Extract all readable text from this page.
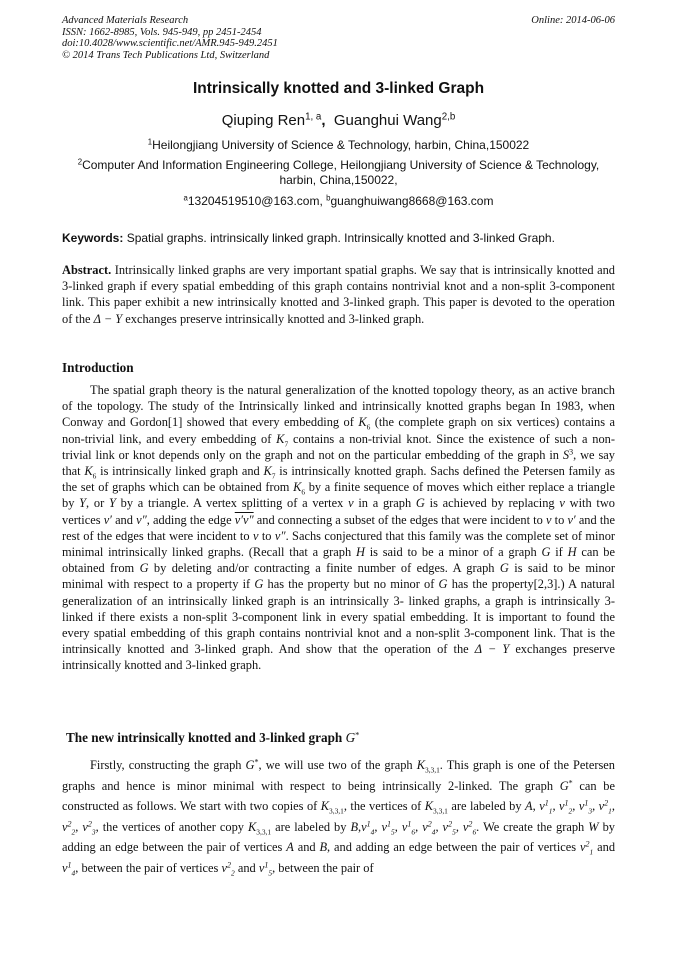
Advanced Materials Research
ISSN: 1662-8985, Vols. 945-949, pp 2451-2454
doi:10.4028/www.scientific.net/AMR.945-949.2451
© 2014 Trans Tech Publications Ltd, Switzerland
Online: 2014-06-06
Intrinsically knotted and 3-linked Graph
Qiuping Ren$^{1, a}$, Guanghui Wang$^{2,b}$
$^1$Heilongjiang University of Science & Technology, harbin, China,150022
$^2$Computer And Information Engineering College, Heilongjiang University of Science & Technology, harbin, China,150022,
$^a$13204519510@163.com, $^b$guanghuiwang8668@163.com
Keywords: Spatial graphs. intrinsically linked graph. Intrinsically knotted and 3-linked Graph.
Abstract. Intrinsically linked graphs are very important spatial graphs. We say that is intrinsically knotted and 3-linked graph if every spatial embedding of this graph contains nontrivial knot and a non-split 3-component link. This paper exhibit a new intrinsically knotted and 3-linked graph. This paper is devoted to the operation of the Δ − Y exchanges preserve intrinsically knotted and 3-linked graph.
Introduction
The spatial graph theory is the natural generalization of the knotted topology theory, as an active branch of the topology. The study of the Intrinsically linked and intrinsically knotted graphs began In 1983, when Conway and Gordon[1] showed that every embedding of $K_6$ (the complete graph on six vertices) contains a non-trivial link, and every embedding of $K_7$ contains a non-trivial knot. Since the existence of such a non-trivial link or knot depends only on the graph and not on the particular embedding of the graph in $S^3$, we say that $K_6$ is intrinsically linked graph and $K_7$ is intrinsically knotted graph. Sachs defined the Petersen family as the set of graphs which can be obtained from $K_6$ by a finite sequence of moves which either replace a triangle by Y, or Y by a triangle. A vertex splitting of a vertex v in a graph G is achieved by replacing v with two vertices v′ and v″, adding the edge v′v″ and connecting a subset of the edges that were incident to v to v′ and the rest of the edges that were incident to v to v″. Sachs conjectured that this family was the complete set of minor minimal intrinsically linked graphs. (Recall that a graph H is said to be a minor of a graph G if H can be obtained from G by deleting and/or contracting a finite number of edges. A graph G is said to be minor minimal with respect to a property if G has the property but no minor of G has the property[2,3].) A natural generalization of an intrinsically linked graph is an intrinsically 3- linked graphs, a graph is intrinsically 3-linked if there exists a non-split 3-component link in every spatial embedding. It is important to found the every spatial embedding of this graph contains nontrivial knot and a non-split 3-component link. That is the intrinsically knotted and 3-linked graph. And show that the operation of the Δ − Y exchanges preserve intrinsically knotted and 3-linked graph.
The new intrinsically knotted and 3-linked graph G*
Firstly, constructing the graph G*, we will use two of the graph $K_{3,3,1}$. This graph is one of the Petersen graphs and hence is minor minimal with respect to being intrinsically 2-linked. The graph G* can be constructed as follows. We start with two copies of $K_{3,3,1}$, the vertices of $K_{3,3,1}$ are labeled by A, $v^1_1$, $v^1_2$, $v^1_3$, $v^2_1$, $v^2_2$, $v^2_3$, the vertices of another copy $K_{3,3,1}$ are labeled by $B,v^1_4$, $v^1_5$, $v^1_6$, $v^2_4$, $v^2_5$, $v^2_6$. We create the graph W by adding an edge between the pair of vertices A and B, and adding an edge between the pair of vertices $v^2_1$ and $v^1_4$, between the pair of vertices $v^2_2$ and $v^1_5$, between the pair of
